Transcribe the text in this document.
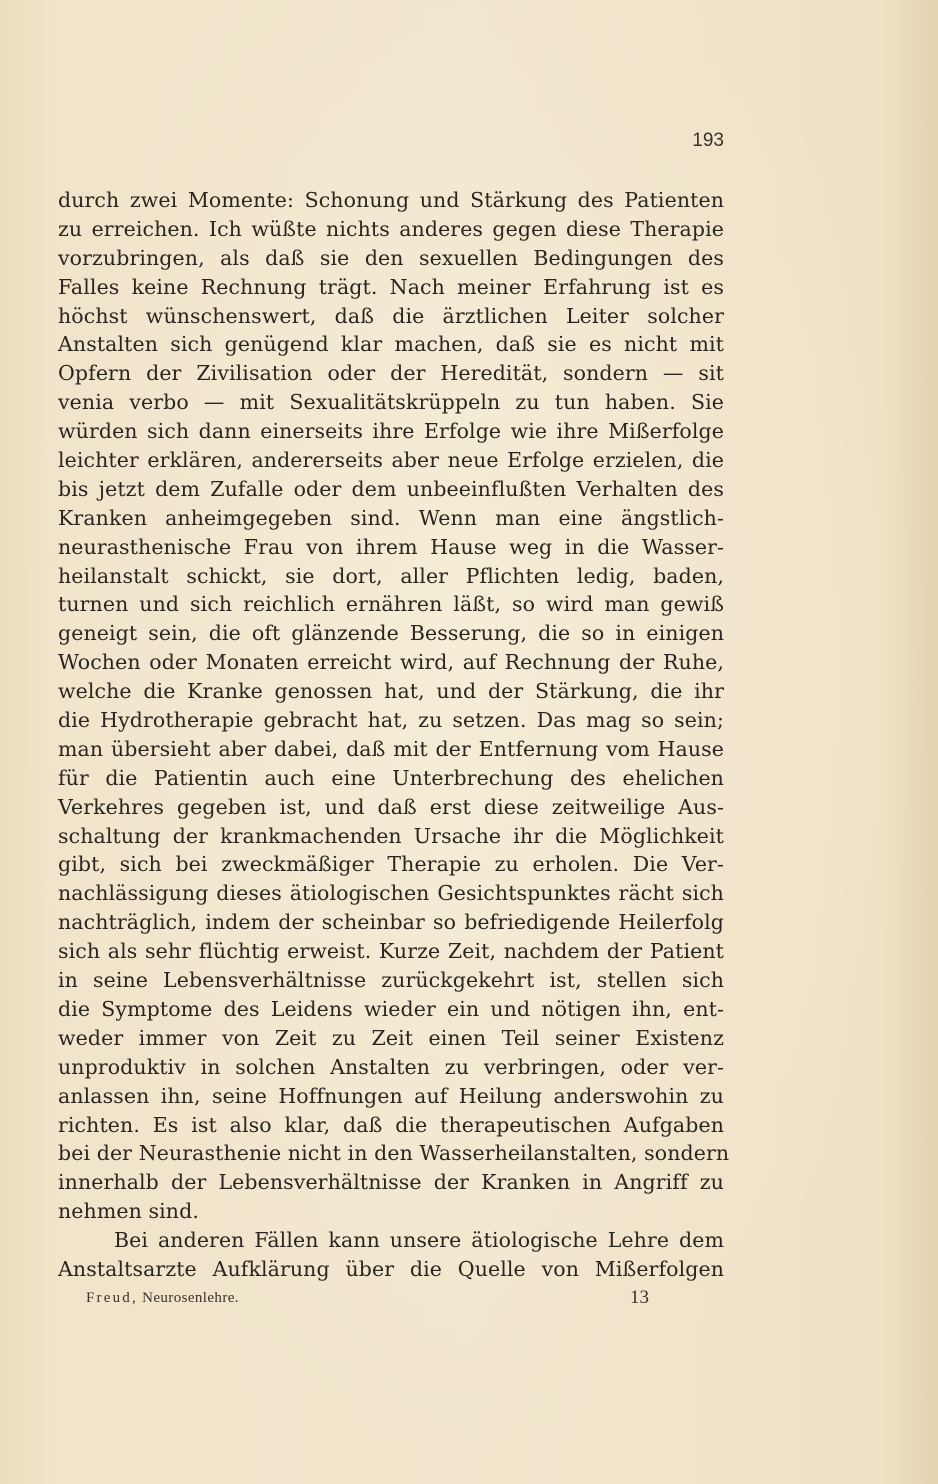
193
durch zwei Momente: Schonung und Stärkung des Patienten
zu erreichen. Ich wüßte nichts anderes gegen diese Therapie
vorzubringen, als daß sie den sexuellen Bedingungen des
Falles keine Rechnung trägt. Nach meiner Erfahrung ist es
höchst wünschenswert, daß die ärztlichen Leiter solcher
Anstalten sich genügend klar machen, daß sie es nicht mit
Opfern der Zivilisation oder der Heredität, sondern — sit
venia verbo — mit Sexualitätskrüppeln zu tun haben. Sie
würden sich dann einerseits ihre Erfolge wie ihre Mißerfolge
leichter erklären, andererseits aber neue Erfolge erzielen, die
bis jetzt dem Zufalle oder dem unbeeinflußten Verhalten des
Kranken anheimgegeben sind. Wenn man eine ängstlich-
neurasthenische Frau von ihrem Hause weg in die Wasser-
heilanstalt schickt, sie dort, aller Pflichten ledig, baden,
turnen und sich reichlich ernähren läßt, so wird man gewiß
geneigt sein, die oft glänzende Besserung, die so in einigen
Wochen oder Monaten erreicht wird, auf Rechnung der Ruhe,
welche die Kranke genossen hat, und der Stärkung, die ihr
die Hydrotherapie gebracht hat, zu setzen. Das mag so sein;
man übersieht aber dabei, daß mit der Entfernung vom Hause
für die Patientin auch eine Unterbrechung des ehelichen
Verkehres gegeben ist, und daß erst diese zeitweilige Aus-
schaltung der krankmachenden Ursache ihr die Möglichkeit
gibt, sich bei zweckmäßiger Therapie zu erholen. Die Ver-
nachlässigung dieses ätiologischen Gesichtspunktes rächt sich
nachträglich, indem der scheinbar so befriedigende Heilerfolg
sich als sehr flüchtig erweist. Kurze Zeit, nachdem der Patient
in seine Lebensverhältnisse zurückgekehrt ist, stellen sich
die Symptome des Leidens wieder ein und nötigen ihn, ent-
weder immer von Zeit zu Zeit einen Teil seiner Existenz
unproduktiv in solchen Anstalten zu verbringen, oder ver-
anlassen ihn, seine Hoffnungen auf Heilung anderswohin zu
richten. Es ist also klar, daß die therapeutischen Aufgaben
bei der Neurasthenie nicht in den Wasserheilanstalten, sondern
innerhalb der Lebensverhältnisse der Kranken in Angriff zu
nehmen sind.
Bei anderen Fällen kann unsere ätiologische Lehre dem
Anstaltsarzte Aufklärung über die Quelle von Mißerfolgen
Freud, Neurosenlehre.	13
